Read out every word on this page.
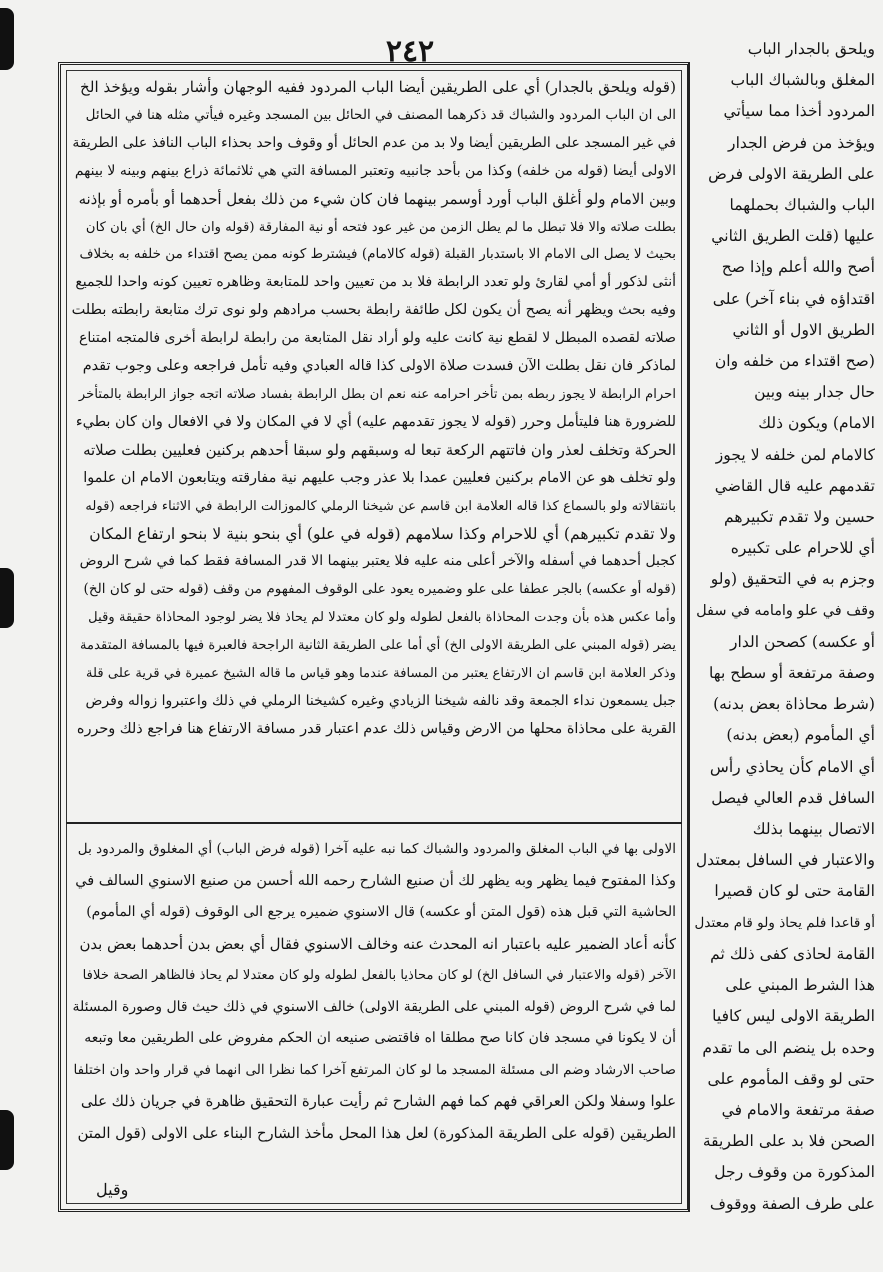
٢٤٢
(قوله ويلحق بالجدار) أي على الطريقين أيضا الباب المردود ففيه الوجهان وأشار بقوله ويؤخذ الخ
الى ان الباب المردود والشباك قد ذكرهما المصنف في الحائل بين المسجد وغيره فيأتي مثله هنا في الحائل
في غير المسجد على الطريقين أيضا ولا بد من عدم الحائل أو وقوف واحد بحذاء الباب النافذ على الطريقة
الاولى أيضا (قوله من خلفه) وكذا من بأحد جانبيه وتعتبر المسافة التي هي ثلاثمائة ذراع بينهم وبينه لا بينهم
وبين الامام ولو أغلق الباب أورد أوسمر بينهما فان كان شيء من ذلك بفعل أحدهما أو بأمره أو بإذنه
بطلت صلاته والا فلا تبطل ما لم يطل الزمن من غير عود فتحه أو نية المفارقة (قوله وان حال الخ) أي بان كان
بحيث لا يصل الى الامام الا باستدبار القبلة (قوله كالامام) فيشترط كونه ممن يصح اقتداء من خلفه به بخلاف
أنثى لذكور أو أمي لقارئ ولو تعدد الرابطة فلا بد من تعيين واحد للمتابعة وظاهره تعيين كونه واحدا للجميع
وفيه بحث ويظهر أنه يصح أن يكون لكل طائفة رابطة بحسب مرادهم ولو نوى ترك متابعة رابطته بطلت
صلاته لقصده المبطل لا لقطع نية كانت عليه ولو أراد نقل المتابعة من رابطة لرابطة أخرى فالمتجه امتناع
لماذكر فان نقل بطلت الآن فسدت صلاة الاولى كذا قاله العبادي وفيه تأمل فراجعه وعلى وجوب تقدم
احرام الرابطة لا يجوز ربطه بمن تأخر احرامه عنه نعم ان بطل الرابطة بفساد صلاته اتجه جواز الرابطة بالمتأخر
للضرورة هنا فليتأمل وحرر (قوله لا يجوز تقدمهم عليه) أي لا في المكان ولا في الافعال وان كان بطيء
الحركة وتخلف لعذر وان فاتتهم الركعة تبعا له وسبقهم ولو سبقا أحدهم بركنين فعليين بطلت صلاته
ولو تخلف هو عن الامام بركنين فعليين عمدا بلا عذر وجب عليهم نية مفارقته ويتابعون الامام ان علموا
بانتقالاته ولو بالسماع كذا قاله العلامة ابن قاسم عن شيخنا الرملي كالموزالت الرابطة في الاثناء فراجعه (قوله
ولا تقدم تكبيرهم) أي للاحرام وكذا سلامهم (قوله في علو) أي بنحو بنية لا بنحو ارتفاع المكان
كجبل أحدهما في أسفله والآخر أعلى منه عليه فلا يعتبر بينهما الا قدر المسافة فقط كما في شرح الروض
(قوله أو عكسه) بالجر عطفا على علو وضميره يعود على الوقوف المفهوم من وقف (قوله حتى لو كان الخ)
وأما عكس هذه بأن وجدت المحاذاة بالفعل لطوله ولو كان معتدلا لم يحاذ فلا يضر لوجود المحاذاة حقيقة وقيل
يضر (قوله المبني على الطريقة الاولى الخ) أي أما على الطريقة الثانية الراجحة فالعبرة فيها بالمسافة المتقدمة
وذكر العلامة ابن قاسم ان الارتفاع يعتبر من المسافة عندما وهو قياس ما قاله الشيخ عميرة في قرية على قلة
جبل يسمعون نداء الجمعة وقد نالفه شيخنا الزيادي وغيره كشيخنا الرملي في ذلك واعتبروا زواله وفرض
القرية على محاذاة محلها من الارض وقياس ذلك عدم اعتبار قدر مسافة الارتفاع هنا فراجع ذلك وحرره
الاولى بها في الباب المغلق والمردود والشباك كما نبه عليه آخرا (قوله فرض الباب) أي المغلوق والمردود بل
وكذا المفتوح فيما يظهر وبه يظهر لك أن صنيع الشارح رحمه الله أحسن من صنيع الاسنوي السالف في
الحاشية التي قبل هذه (قول المتن أو عكسه) قال الاسنوي ضميره يرجع الى الوقوف (قوله أي المأموم)
كأنه أعاد الضمير عليه باعتبار انه المحدث عنه وخالف الاسنوي فقال أي بعض بدن أحدهما بعض بدن
الآخر (قوله والاعتبار في السافل الخ) لو كان محاذيا بالفعل لطوله ولو كان معتدلا لم يحاذ فالظاهر الصحة خلافا
لما في شرح الروض (قوله المبني على الطريقة الاولى) خالف الاسنوي في ذلك حيث قال وصورة المسئلة
أن لا يكونا في مسجد فان كانا صح مطلقا اه فاقتضى صنيعه ان الحكم مفروض على الطريقين معا وتبعه
صاحب الارشاد وضم الى مسئلة المسجد ما لو كان المرتفع آخرا كما نظرا الى انهما في قرار واحد وان اختلفا
علوا وسفلا ولكن العراقي فهم كما فهم الشارح ثم رأيت عبارة التحقيق ظاهرة في جريان ذلك على
الطريقين (قوله على الطريقة المذكورة) لعل هذا المحل مأخذ الشارح البناء على الاولى (قول المتن
ويلحق بالجدار الباب
المغلق وبالشباك الباب
المردود أخذا مما سيأتي
ويؤخذ من فرض الجدار
على الطريقة الاولى فرض
الباب والشباك بحملهما
عليها (قلت الطريق الثاني
أصح والله أعلم وإذا صح
اقتداؤه في بناء آخر) على
الطريق الاول أو الثاني
(صح اقتداء من خلفه وان
حال جدار بينه وبين
الامام) ويكون ذلك
كالامام لمن خلفه لا يجوز
تقدمهم عليه قال القاضي
حسين ولا تقدم تكبيرهم
أي للاحرام على تكبيره
وجزم به في التحقيق (ولو
وقف في علو وامامه في سفل
أو عكسه) كصحن الدار
وصفة مرتفعة أو سطح بها
(شرط محاذاة بعض بدنه)
أي المأموم (بعض بدنه)
أي الامام كأن يحاذي رأس
السافل قدم العالي فيصل
الاتصال بينهما بذلك
والاعتبار في السافل بمعتدل
القامة حتى لو كان قصيرا
أو قاعدا فلم يحاذ ولو قام معتدل
القامة لحاذى كفى ذلك ثم
هذا الشرط المبني على
الطريقة الاولى ليس كافيا
وحده بل ينضم الى ما تقدم
حتى لو وقف المأموم على
صفة مرتفعة والامام في
الصحن فلا بد على الطريقة
المذكورة من وقوف رجل
على طرف الصفة ووقوف
وقيل
